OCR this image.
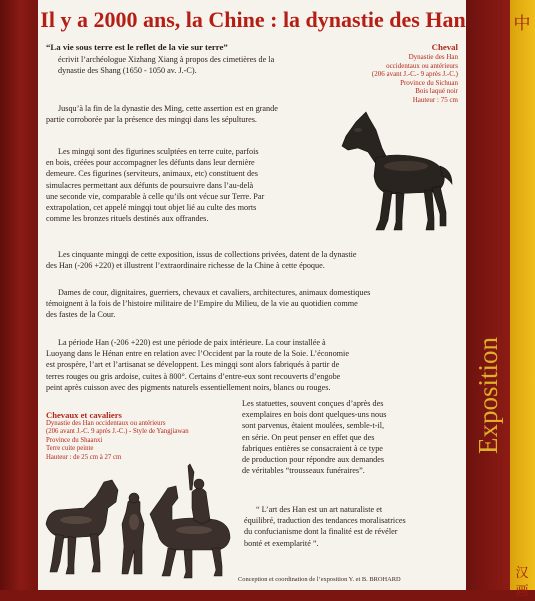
中
汉画
Exposition
Il y a 2000 ans, la Chine : la dynastie des Han
“La vie sous terre est le reflet de la vie sur terre”
écrivit l’archéologue Xizhang Xiang à propos des cimetières de la
dynastie des Shang (1650 - 1050 av. J.-C).
Jusqu’à la fin de la dynastie des Ming, cette assertion est en grande
partie corroborée par la présence des mingqi dans les sépultures.
Les mingqi sont des figurines sculptées en terre cuite, parfois
en bois, créées pour accompagner les défunts dans leur dernière
demeure. Ces figurines (serviteurs, animaux, etc) constituent des
simulacres permettant aux défunts de poursuivre dans l’au-delà
une seconde vie, comparable à celle qu’ils ont vécue sur Terre. Par
extrapolation, cet appelé mingqi tout objet lié au culte des morts
comme les bronzes rituels destinés aux offrandes.
Cheval
Dynastie des Han
occidentaux ou antérieurs
(206 avant J.-C.- 9 après J.-C.)
Province du Sichuan
Bois laqué noir
Hauteur : 75 cm
Les cinquante mingqi de cette exposition, issus de collections privées, datent de la dynastie
des Han (-206 +220) et illustrent l’extraordinaire richesse de la Chine à cette époque.
Dames de cour, dignitaires, guerriers, chevaux et cavaliers, architectures, animaux domestiques
témoignent à la fois de l’histoire militaire de l’Empire du Milieu, de la vie au quotidien comme
des fastes de la Cour.
La période Han (-206 +220) est une période de paix intérieure. La cour installée à
Luoyang dans le Hénan entre en relation avec l’Occident par la route de la Soie. L’économie
est prospère, l’art et l’artisanat se développent. Les mingqi sont alors fabriqués à partir de
terres rouges ou gris ardoise, cuites à 800°. Certains d’entre-eux sont recouverts d’engobe
peint après cuisson avec des pigments naturels essentiellement noirs, blancs ou rouges.
Chevaux et cavaliers
Dynastie des Han occidentaux ou antérieurs
(206 avant J.-C. 9 après J.-C.) - Style de Yangjiawan
Province du Shaanxi
Terre cuite peinte
Hauteur : de 25 cm à 27 cm
Les statuettes, souvent conçues d’après des
exemplaires en bois dont quelques-uns nous
sont parvenus, étaient moulées, semble-t-il,
en série. On peut penser en effet que des
fabriques entières se consacraient à ce type
de production pour répondre aux demandes
de véritables “trousseaux funéraires”.
“ L’art des Han est un art naturaliste et
équilibré, traduction des tendances moralisatrices
du confucianisme dont la finalité est de révéler
bonté et exemplarité ”.
Conception et coordination de l’exposition Y. et B. BROHARD
